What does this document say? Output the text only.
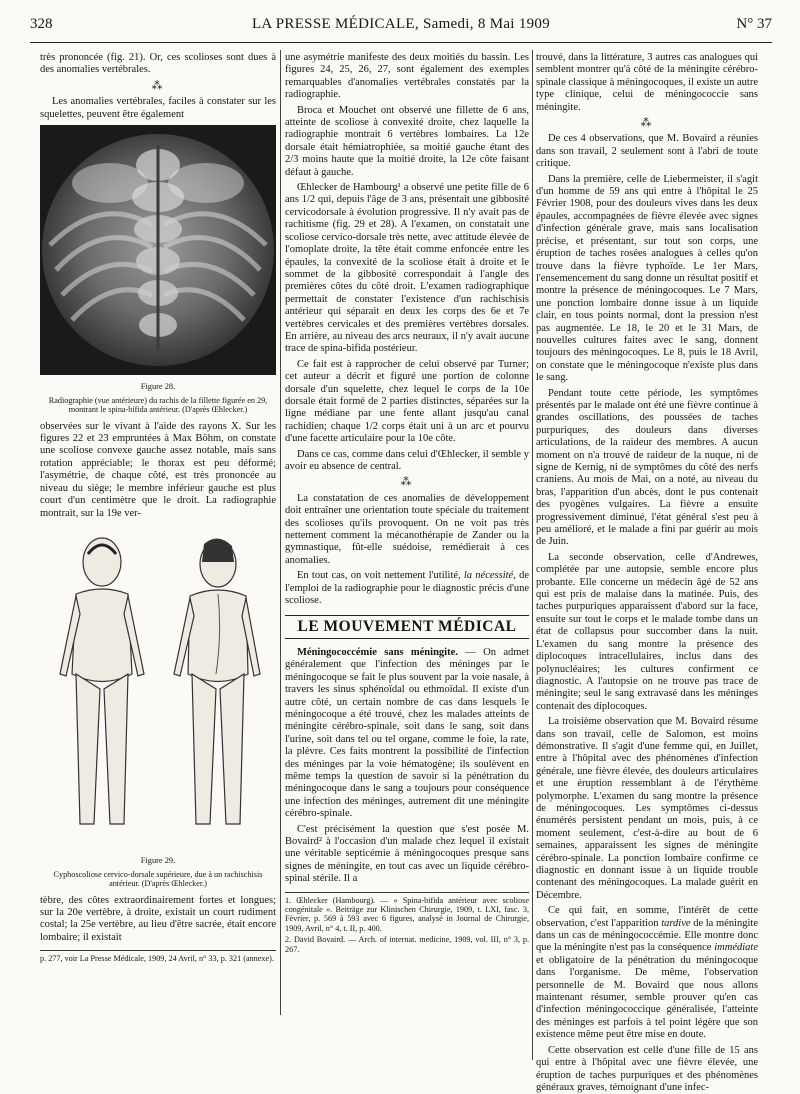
328	LA PRESSE MÉDICALE, Samedi, 8 Mai 1909	N° 37

très prononcée (fig. 21). Or, ces scolioses sont dues à des anomalies vertébrales.

⁂

Les anomalies vertébrales, faciles à constater sur les squelettes, peuvent être également

Figure 28.
Radiographie (vue antérieure) du rachis de la fillette figurée en 29, montrant le spina-bifida antérieur. (D'après Œhlecker.)

observées sur le vivant à l'aide des rayons X. Sur les figures 22 et 23 empruntées à Max Böhm, on constate une scoliose convexe gauche assez notable, mais sans rotation appréciable; le thorax est peu déformé; l'asymétrie, de chaque côté, est très prononcée au niveau du siège; le membre inférieur gauche est plus court d'un centimètre que le droit. La radiographie montrait, sur la 19e ver-

Figure 29.
Cyphoscoliose cervico-dorsale supérieure, due à un rachischisis antérieur. (D'après Œhlecker.)

tèbre, des côtes extraordinairement fortes et longues; sur la 20e vertèbre, à droite, existait un court rudiment costal; la 25e vertèbre, au lieu d'être sacrée, était encore lombaire; il existait

p. 277, voir La Presse Médicale, 1909, 24 Avril, n° 33, p. 321 (annexe).

une asymétrie manifeste des deux moitiés du bassin. Les figures 24, 25, 26, 27, sont également des exemples remarquables d'anomalies vertébrales constatés par la radiographie.

Broca et Mouchet ont observé une fillette de 6 ans, atteinte de scoliose à convexité droite, chez laquelle la radiographie montrait 6 vertèbres lombaires. La 12e dorsale était hémiatrophiée, sa moitié gauche étant des 2/3 moins haute que la moitié droite, la 12e côte faisant défaut à gauche.

Œhlecker de Hambourg¹ a observé une petite fille de 6 ans 1/2 qui, depuis l'âge de 3 ans, présentait une gibbosité cervicodorsale à évolution progressive. Il n'y avait pas de rachitisme (fig. 29 et 28). A l'examen, on constatait une scoliose cervico-dorsale très nette, avec attitude élevée de l'omoplate droite, la tête était comme enfoncée entre les épaules, la convexité de la scoliose était à droite et le sommet de la gibbosité correspondait à l'angle des premières côtes du côté droit. L'examen radiographique permettait de constater l'existence d'un rachischisis antérieur qui séparait en deux les corps des 6e et 7e vertèbres cervicales et des premières vertèbres dorsales. En arrière, au niveau des arcs neuraux, il n'y avait aucune trace de spina-bifida postérieur.

Ce fait est à rapprocher de celui observé par Turner; cet auteur a décrit et figuré une portion de colonne dorsale d'un squelette, chez lequel le corps de la 10e dorsale était formé de 2 parties distinctes, séparées sur la ligne médiane par une fente allant jusqu'au canal rachidien; chaque 1/2 corps était uni à un arc et pourvu d'une facette articulaire pour la 10e côte.

Dans ce cas, comme dans celui d'Œhlecker, il semble y avoir eu absence de central.

⁂

La constatation de ces anomalies de développement doit entraîner une orientation toute spéciale du traitement des scolioses qu'ils provoquent. On ne voit pas très nettement comment la mécanothérapie de Zander ou la gymnastique, fût-elle suédoise, remédierait à ces anomalies.

En tout cas, on voit nettement l'utilité, la nécessité, de l'emploi de la radiographie pour le diagnostic précis d'une scoliose.

LE MOUVEMENT MÉDICAL

Méningococcémie sans méningite. — On admet généralement que l'infection des méninges par le méningocoque se fait le plus souvent par la voie nasale, à travers les sinus sphénoïdal ou ethmoïdal. Il existe d'un autre côté, un certain nombre de cas dans lesquels le méningocoque a été trouvé, chez les malades atteints de méningite cérébro-spinale, soit dans le sang, soit dans l'urine, soit dans tel ou tel organe, comme le foie, la rate, la plèvre. Ces faits montrent la possibilité de l'infection des méninges par la voie hématogène; ils soulèvent en même temps la question de savoir si la pénétration du méningocoque dans le sang a toujours pour conséquence une infection des méninges, autrement dit une méningite cérébro-spinale.

C'est précisément la question que s'est posée M. Bovaird² à l'occasion d'un malade chez lequel il existait une véritable septicémie à méningocoques presque sans signes de méningite, en tout cas avec un liquide cérébro-spinal stérile. Il a

1. Œhlecker (Hambourg). — « Spina-bifida antérieur avec scoliose congénitale ». Beiträge zur Klinischen Chirurgie, 1909, t. LXI, fasc. 3, Février, p. 569 à 593 avec 6 figures, analysé in Journal de Chirurgie, 1909, Avril, n° 4, t. II, p. 400.

2. David Bovaird. — Arch. of internat. medicine, 1909, vol. III, n° 3, p. 267.

trouvé, dans la littérature, 3 autres cas analogues qui semblent montrer qu'à côté de la méningite cérébro-spinale classique à méningocoques, il existe un autre type clinique, celui de méningococcie sans méningite.

⁂

De ces 4 observations, que M. Bovaird a réunies dans son travail, 2 seulement sont à l'abri de toute critique.

Dans la première, celle de Liebermeister, il s'agit d'un homme de 59 ans qui entre à l'hôpital le 25 Février 1908, pour des douleurs vives dans les deux épaules, accompagnées de fièvre élevée avec signes d'infection générale grave, mais sans localisation précise, et présentant, sur tout son corps, une éruption de taches rosées analogues à celles qu'on trouve dans la fièvre typhoïde. Le 1er Mars, l'ensemencement du sang donne un résultat positif et montre la présence de méningocoques. Le 7 Mars, une ponction lombaire donne issue à un liquide clair, en tous points normal, dont la pression n'est pas augmentée. Le 18, le 20 et le 31 Mars, de nouvelles cultures faites avec le sang, donnent toujours des méningocoques. Le 8, puis le 18 Avril, on constate que le méningocoque n'existe plus dans le sang.

Pendant toute cette période, les symptômes présentés par le malade ont été une fièvre continue à grandes oscillations, des poussées de taches purpuriques, des douleurs dans diverses articulations, de la raideur des membres. A aucun moment on n'a trouvé de raideur de la nuque, ni de signe de Kernig, ni de symptômes du côté des nerfs craniens. Au mois de Mai, on a noté, au niveau du bras, l'apparition d'un abcès, dont le pus contenait des pyogènes vulgaires. La fièvre a ensuite progressivement diminué, l'état général s'est peu à peu amélioré, et le malade a fini par guérir au mois de Juin.

La seconde observation, celle d'Andrewes, complétée par une autopsie, semble encore plus probante. Elle concerne un médecin âgé de 52 ans qui est pris de malaise dans la matinée. Puis, des taches purpuriques apparaissent d'abord sur la face, ensuite sur tout le corps et le malade tombe dans un état de collapsus pour succomber dans la nuit. L'examen du sang montre la présence des diplocoques intracellulaires, inclus dans des polynucléaires; les cultures confirment ce diagnostic. A l'autopsie on ne trouve pas trace de méningite; seul le sang extravasé dans les méninges contenait des diplocoques.

La troisième observation que M. Bovaird résume dans son travail, celle de Salomon, est moins démonstrative. Il s'agit d'une femme qui, en Juillet, entre à l'hôpital avec des phénomènes d'infection générale, une fièvre élevée, des douleurs articulaires et une éruption ressemblant à de l'érythème polymorphe. L'examen du sang montre la présence de méningocoques. Les symptômes ci-dessus énumérés persistent pendant un mois, puis, à ce moment seulement, c'est-à-dire au bout de 6 semaines, apparaissent les signes de méningite cérébro-spinale. La ponction lombaire confirme ce diagnostic en donnant issue à un liquide trouble contenant des méningocoques. La malade guérit en Décembre.

Ce qui fait, en somme, l'intérêt de cette observation, c'est l'apparition tardive de la méningite dans un cas de méningococcémie. Elle montre donc que la méningite n'est pas la conséquence immédiate et obligatoire de la pénétration du méningocoque dans l'organisme. De même, l'observation personnelle de M. Bovaird que nous allons maintenant résumer, semble prouver qu'en cas d'infection méningococcique généralisée, l'atteinte des méninges est parfois à tel point légère que son existence même peut être mise en doute.

Cette observation est celle d'une fille de 15 ans qui entre à l'hôpital avec une fièvre élevée, une éruption de taches purpuriques et des phénomènes généraux graves, témoignant d'une infec-
